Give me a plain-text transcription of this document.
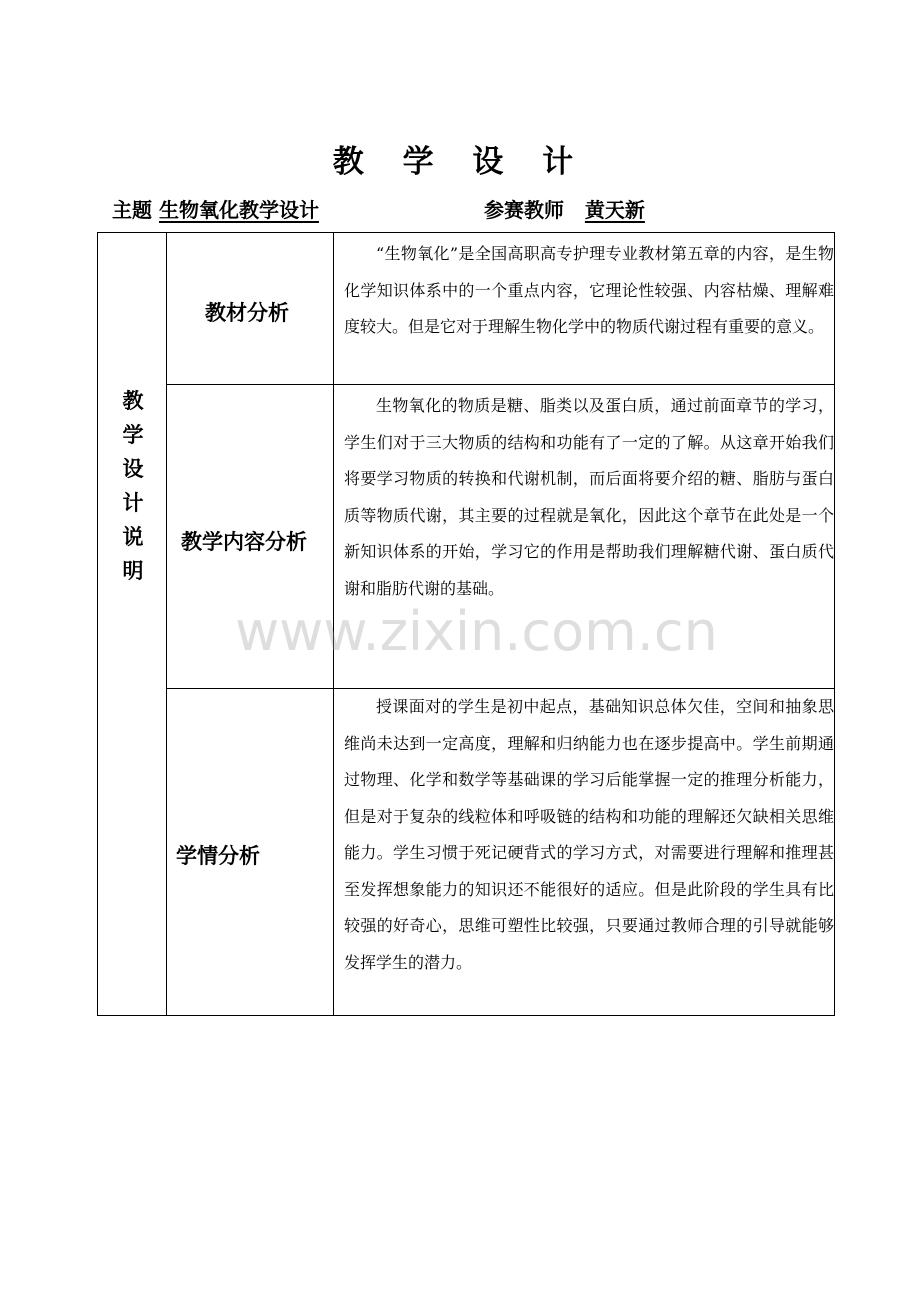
教 学 设 计
主题 生物氧化教学设计	参赛教师 黄天新
教
学
设
计
说
明
教材分析

“生物氧化”是全国高职高专护理专业教材第五章的内容，是生物化学知识体系中的一个重点内容，它理论性较强、内容枯燥、理解难度较大。但是它对于理解生物化学中的物质代谢过程有重要的意义。

教学内容分析

生物氧化的物质是糖、脂类以及蛋白质，通过前面章节的学习，学生们对于三大物质的结构和功能有了一定的了解。从这章开始我们将要学习物质的转换和代谢机制，而后面将要介绍的糖、脂肪与蛋白质等物质代谢，其主要的过程就是氧化，因此这个章节在此处是一个新知识体系的开始，学习它的作用是帮助我们理解糖代谢、蛋白质代谢和脂肪代谢的基础。

学情分析

授课面对的学生是初中起点，基础知识总体欠佳，空间和抽象思维尚未达到一定高度，理解和归纳能力也在逐步提高中。学生前期通过物理、化学和数学等基础课的学习后能掌握一定的推理分析能力，但是对于复杂的线粒体和呼吸链的结构和功能的理解还欠缺相关思维能力。学生习惯于死记硬背式的学习方式，对需要进行理解和推理甚至发挥想象能力的知识还不能很好的适应。但是此阶段的学生具有比较强的好奇心，思维可塑性比较强，只要通过教师合理的引导就能够发挥学生的潜力。

www.zixin.com.cn
